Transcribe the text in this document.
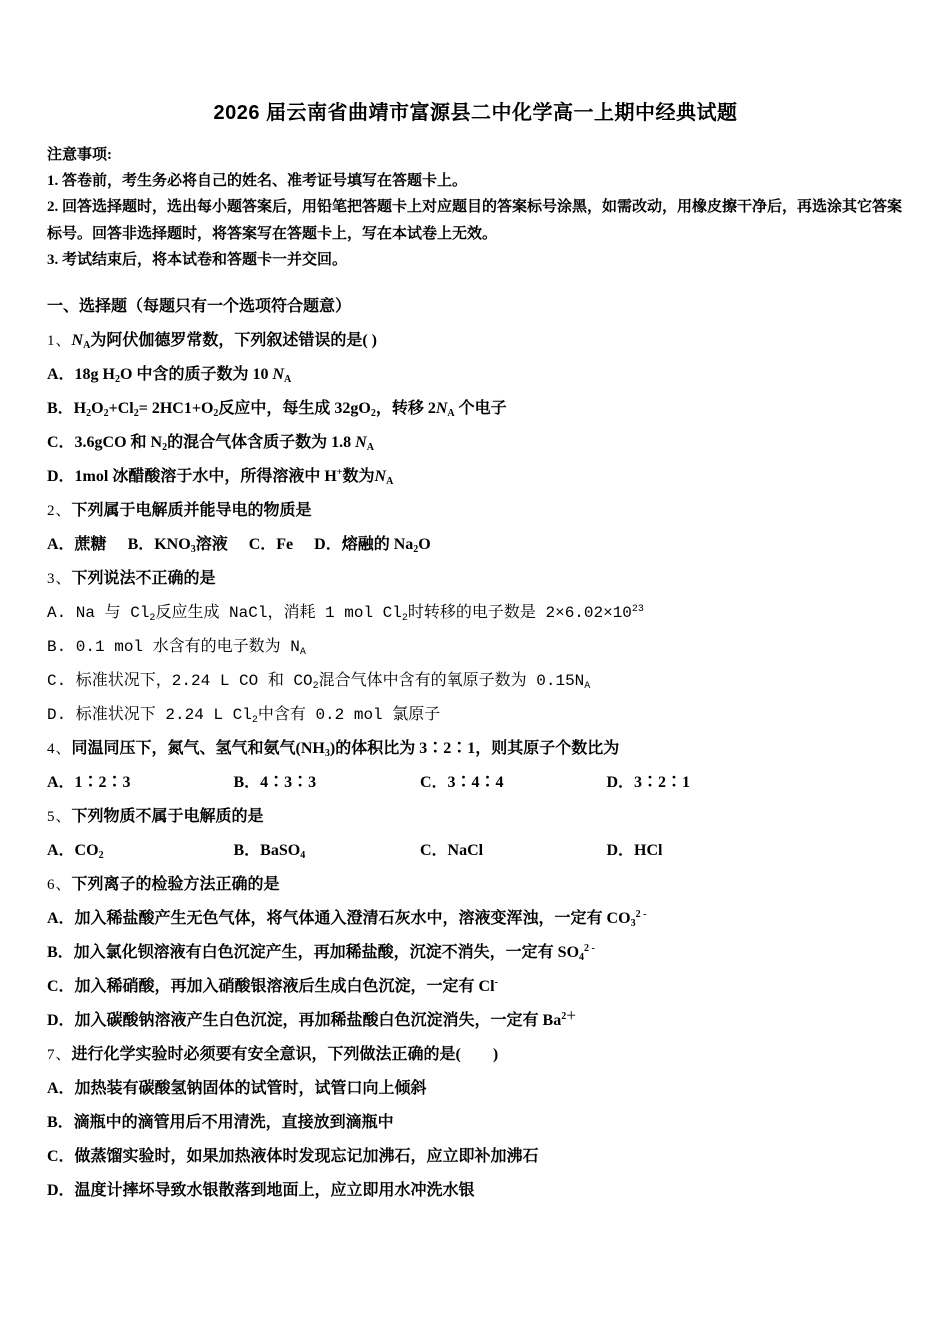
2026 届云南省曲靖市富源县二中化学高一上期中经典试题

注意事项:

1. 答卷前，考生务必将自己的姓名、准考证号填写在答题卡上。

2. 回答选择题时，选出每小题答案后，用铅笔把答题卡上对应题目的答案标号涂黑，如需改动，用橡皮擦干净后，再选涂其它答案标号。回答非选择题时，将答案写在答题卡上，写在本试卷上无效。

3. 考试结束后，将本试卷和答题卡一并交回。

一、选择题（每题只有一个选项符合题意）

1、$N_A$为阿伏伽德罗常数，下列叙述错误的是( )

A．18g $H_2O$ 中含的质子数为 10 $N_A$

B．$H_2O_2+Cl_2= 2HC1+O_2$反应中，每生成 $32gO_2$，转移 $2N_A$ 个电子

C．3.6gCO 和 $N_2$的混合气体含质子数为 1.8 $N_A$

D．1mol 冰醋酸溶于水中，所得溶液中 H+数为$N_A$

2、下列属于电解质并能导电的物质是

A．蔗糖 B．$KNO_3$溶液 C．Fe D．熔融的 $Na_2O$

3、下列说法不正确的是

A. Na 与 $Cl_2$反应生成 NaCl，消耗 1 mol $Cl_2$时转移的电子数是 $2\times 6.02\times 10^{23}$

B. 0.1 mol 水含有的电子数为 $N_A$

C. 标准状况下，2.24 L CO 和 $CO_2$混合气体中含有的氧原子数为 $0.15N_A$

D. 标准状况下 2.24 L $Cl_2$中含有 0.2 mol 氯原子

4、同温同压下，氮气、氢气和氨气$(NH_3)$的体积比为 3∶2∶1，则其原子个数比为

A．1∶2∶3	B．4∶3∶3	C．3∶4∶4	D．3∶2∶1

5、下列物质不属于电解质的是

A．$CO_2$	B．BaSO$_4$	C．NaCl	D．HCl

6、下列离子的检验方法正确的是

A．加入稀盐酸产生无色气体，将气体通入澄清石灰水中，溶液变浑浊，一定有 $CO_3^{2 -}$

B．加入氯化钡溶液有白色沉淀产生，再加稀盐酸，沉淀不消失，一定有 $SO_4^{2 -}$

C．加入稀硝酸，再加入硝酸银溶液后生成白色沉淀，一定有 Cl-

D．加入碳酸钠溶液产生白色沉淀，再加稀盐酸白色沉淀消失，一定有 $Ba^{2+}$

7、进行化学实验时必须要有安全意识，下列做法正确的是(　　)

A．加热装有碳酸氢钠固体的试管时，试管口向上倾斜

B．滴瓶中的滴管用后不用清洗，直接放到滴瓶中

C．做蒸馏实验时，如果加热液体时发现忘记加沸石，应立即补加沸石

D．温度计摔坏导致水银散落到地面上，应立即用水冲洗水银
